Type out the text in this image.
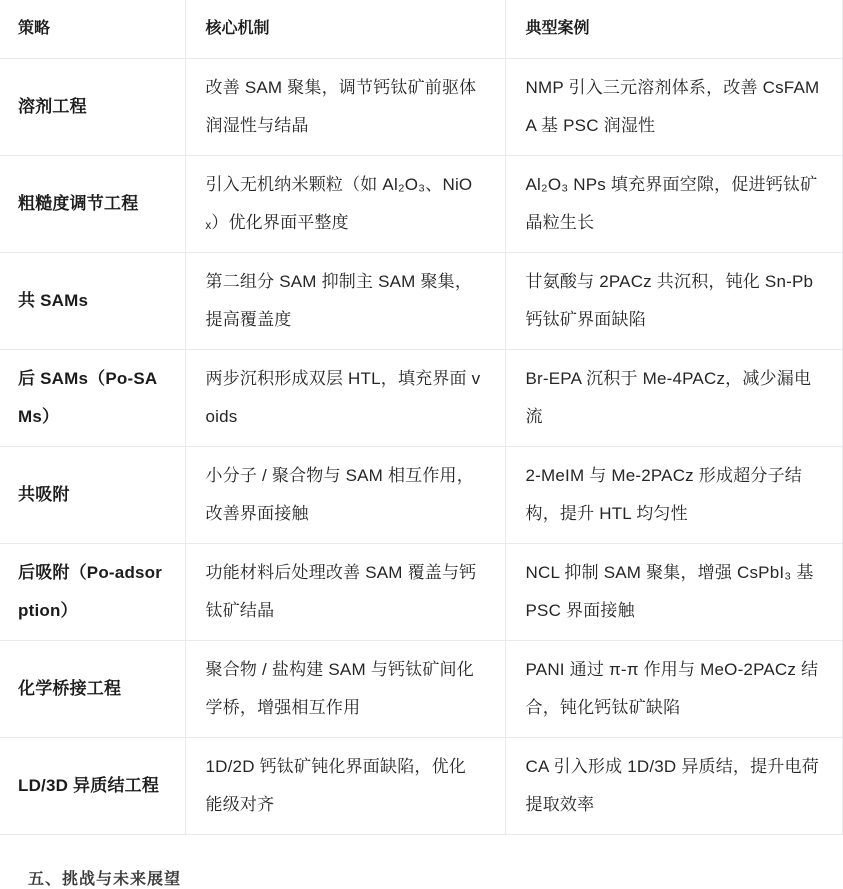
策略	核心机制	典型案例
溶剂工程	改善 SAM 聚集，调节钙钛矿前驱体润湿性与结晶	NMP 引入三元溶剂体系，改善 CsFAMA 基 PSC 润湿性
粗糙度调节工程	引入无机纳米颗粒（如 Al₂O₃、NiOₓ）优化界面平整度	Al₂O₃ NPs 填充界面空隙，促进钙钛矿晶粒生长
共 SAMs	第二组分 SAM 抑制主 SAM 聚集，提高覆盖度	甘氨酸与 2PACz 共沉积，钝化 Sn-Pb 钙钛矿界面缺陷
后 SAMs（Po-SAMs）	两步沉积形成双层 HTL，填充界面 voids	Br-EPA 沉积于 Me-4PACz，减少漏电流
共吸附	小分子 / 聚合物与 SAM 相互作用，改善界面接触	2-MeIM 与 Me-2PACz 形成超分子结构，提升 HTL 均匀性
后吸附（Po-adsorption）	功能材料后处理改善 SAM 覆盖与钙钛矿结晶	NCL 抑制 SAM 聚集，增强 CsPbI₃ 基 PSC 界面接触
化学桥接工程	聚合物 / 盐构建 SAM 与钙钛矿间化学桥，增强相互作用	PANI 通过 π-π 作用与 MeO-2PACz 结合，钝化钙钛矿缺陷
LD/3D 异质结工程	1D/2D 钙钛矿钝化界面缺陷，优化能级对齐	CA 引入形成 1D/3D 异质结，提升电荷提取效率
五、挑战与未来展望
